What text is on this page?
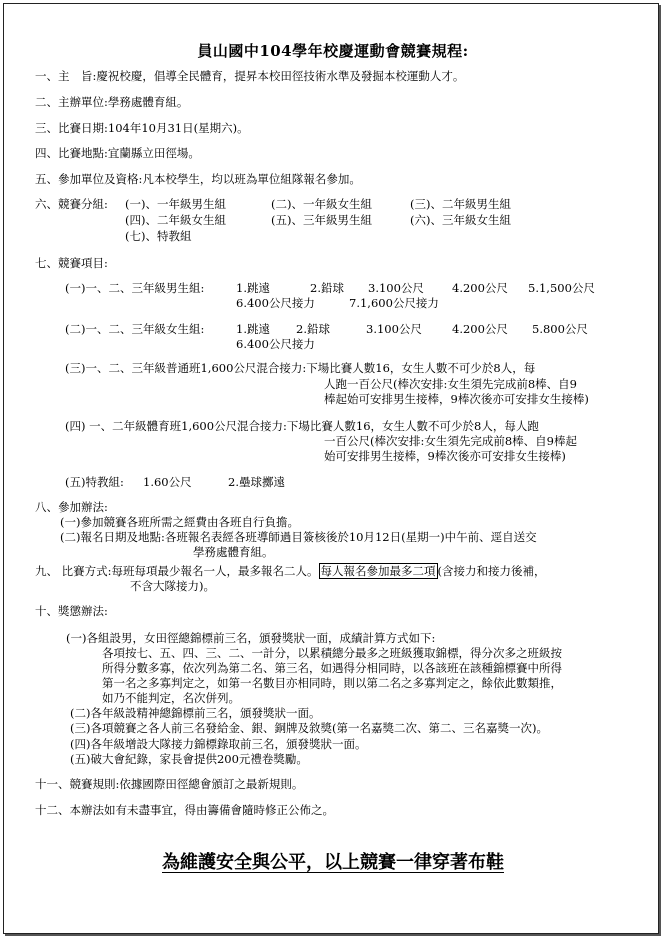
員山國中104學年校慶運動會競賽規程:
一、主　旨:慶祝校慶，倡導全民體育，提昇本校田徑技術水準及發掘本校運動人才。
二、主辦單位:學務處體育組。
三、比賽日期:104年10月31日(星期六)。
四、比賽地點:宜蘭縣立田徑場。
五、參加單位及資格:凡本校學生，均以班為單位組隊報名參加。
六、競賽分組: (一)、一年級男生組	(二)、一年級女生組	(三)、二年級男生組
(四)、二年級女生組	(五)、三年級男生組	(六)、三年級女生組
(七)、特教組
七、競賽項目:
(一)一、二、三年級男生組:	1.跳遠	2.鉛球 3.100公尺 4.200公尺 5.1,500公尺
6.400公尺接力	7.1,600公尺接力
(二)一、二、三年級女生組:	1.跳遠 2.鉛球	3.100公尺	4.200公尺 5.800公尺
6.400公尺接力
(三)一、二、三年級普通班1,600公尺混合接力:下場比賽人數16，女生人數不可少於8人，每
人跑一百公尺(棒次安排:女生須先完成前8棒、自9
棒起始可安排男生接棒，9棒次後亦可安排女生接棒)
(四) 一、二年級體育班1,600公尺混合接力:下場比賽人數16，女生人數不可少於8人，每人跑
一百公尺(棒次安排:女生須先完成前8棒、自9棒起
始可安排男生接棒，9棒次後亦可安排女生接棒)
(五)特教組: 1.60公尺	2.壘球擲遠
八、參加辦法:
(一)參加競賽各班所需之經費由各班自行負擔。
(二)報名日期及地點:各班報名表經各班導師過目簽核後於10月12日(星期一)中午前、逕自送交
學務處體育組。
九、 比賽方式:每班每項最少報名一人，最多報名二人。 每人報名參加最多二項 (含接力和接力後補，
不含大隊接力)。
十、獎懲辦法:
(一)各組設男，女田徑總錦標前三名，頒發獎狀一面，成績計算方式如下:
各項按七、五、四、三、二、一計分，以累積總分最多之班級獲取錦標，得分次多之班級按
所得分數多寡，依次列為第二名、第三名，如遇得分相同時，以各該班在該種錦標賽中所得
第一名之多寡判定之，如第一名數目亦相同時，則以第二名之多寡判定之，餘依此數類推，
如乃不能判定，名次併列。
(二)各年級設精神總錦標前三名，頒發獎狀一面。
(三)各項競賽之各人前三名發給金、銀、銅牌及敘獎(第一名嘉獎二次、第二、三名嘉獎一次)。
(四)各年級增設大隊接力錦標錄取前三名，頒發獎狀一面。
(五)破大會紀錄，家長會提供200元禮卷獎勵。
十一、競賽規則:依據國際田徑總會頒訂之最新規則。
十二、本辦法如有未盡事宜，得由籌備會隨時修正公佈之。
為維護安全與公平，以上競賽一律穿著布鞋
